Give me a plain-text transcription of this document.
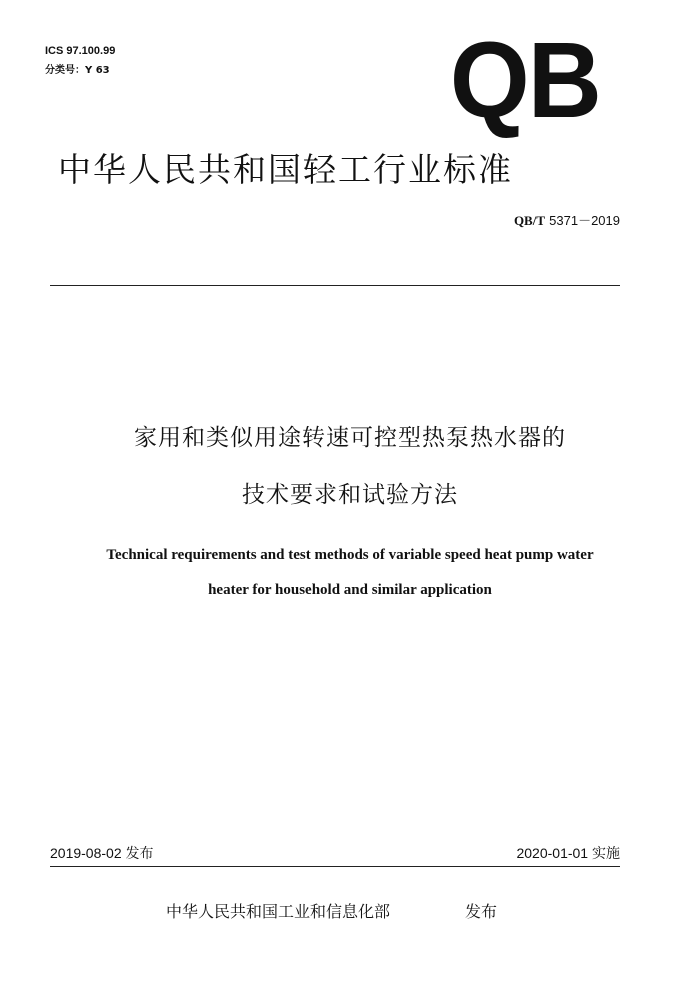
ICS 97.100.99
分类号：Y 63	QB
中华人民共和国轻工行业标准
QB/T 5371－2019
家用和类似用途转速可控型热泵热水器的
技术要求和试验方法
Technical requirements and test methods of variable speed heat pump water
heater for household and similar application
2019-08-02 发布	2020-01-01 实施
中华人民共和国工业和信息化部	发布
